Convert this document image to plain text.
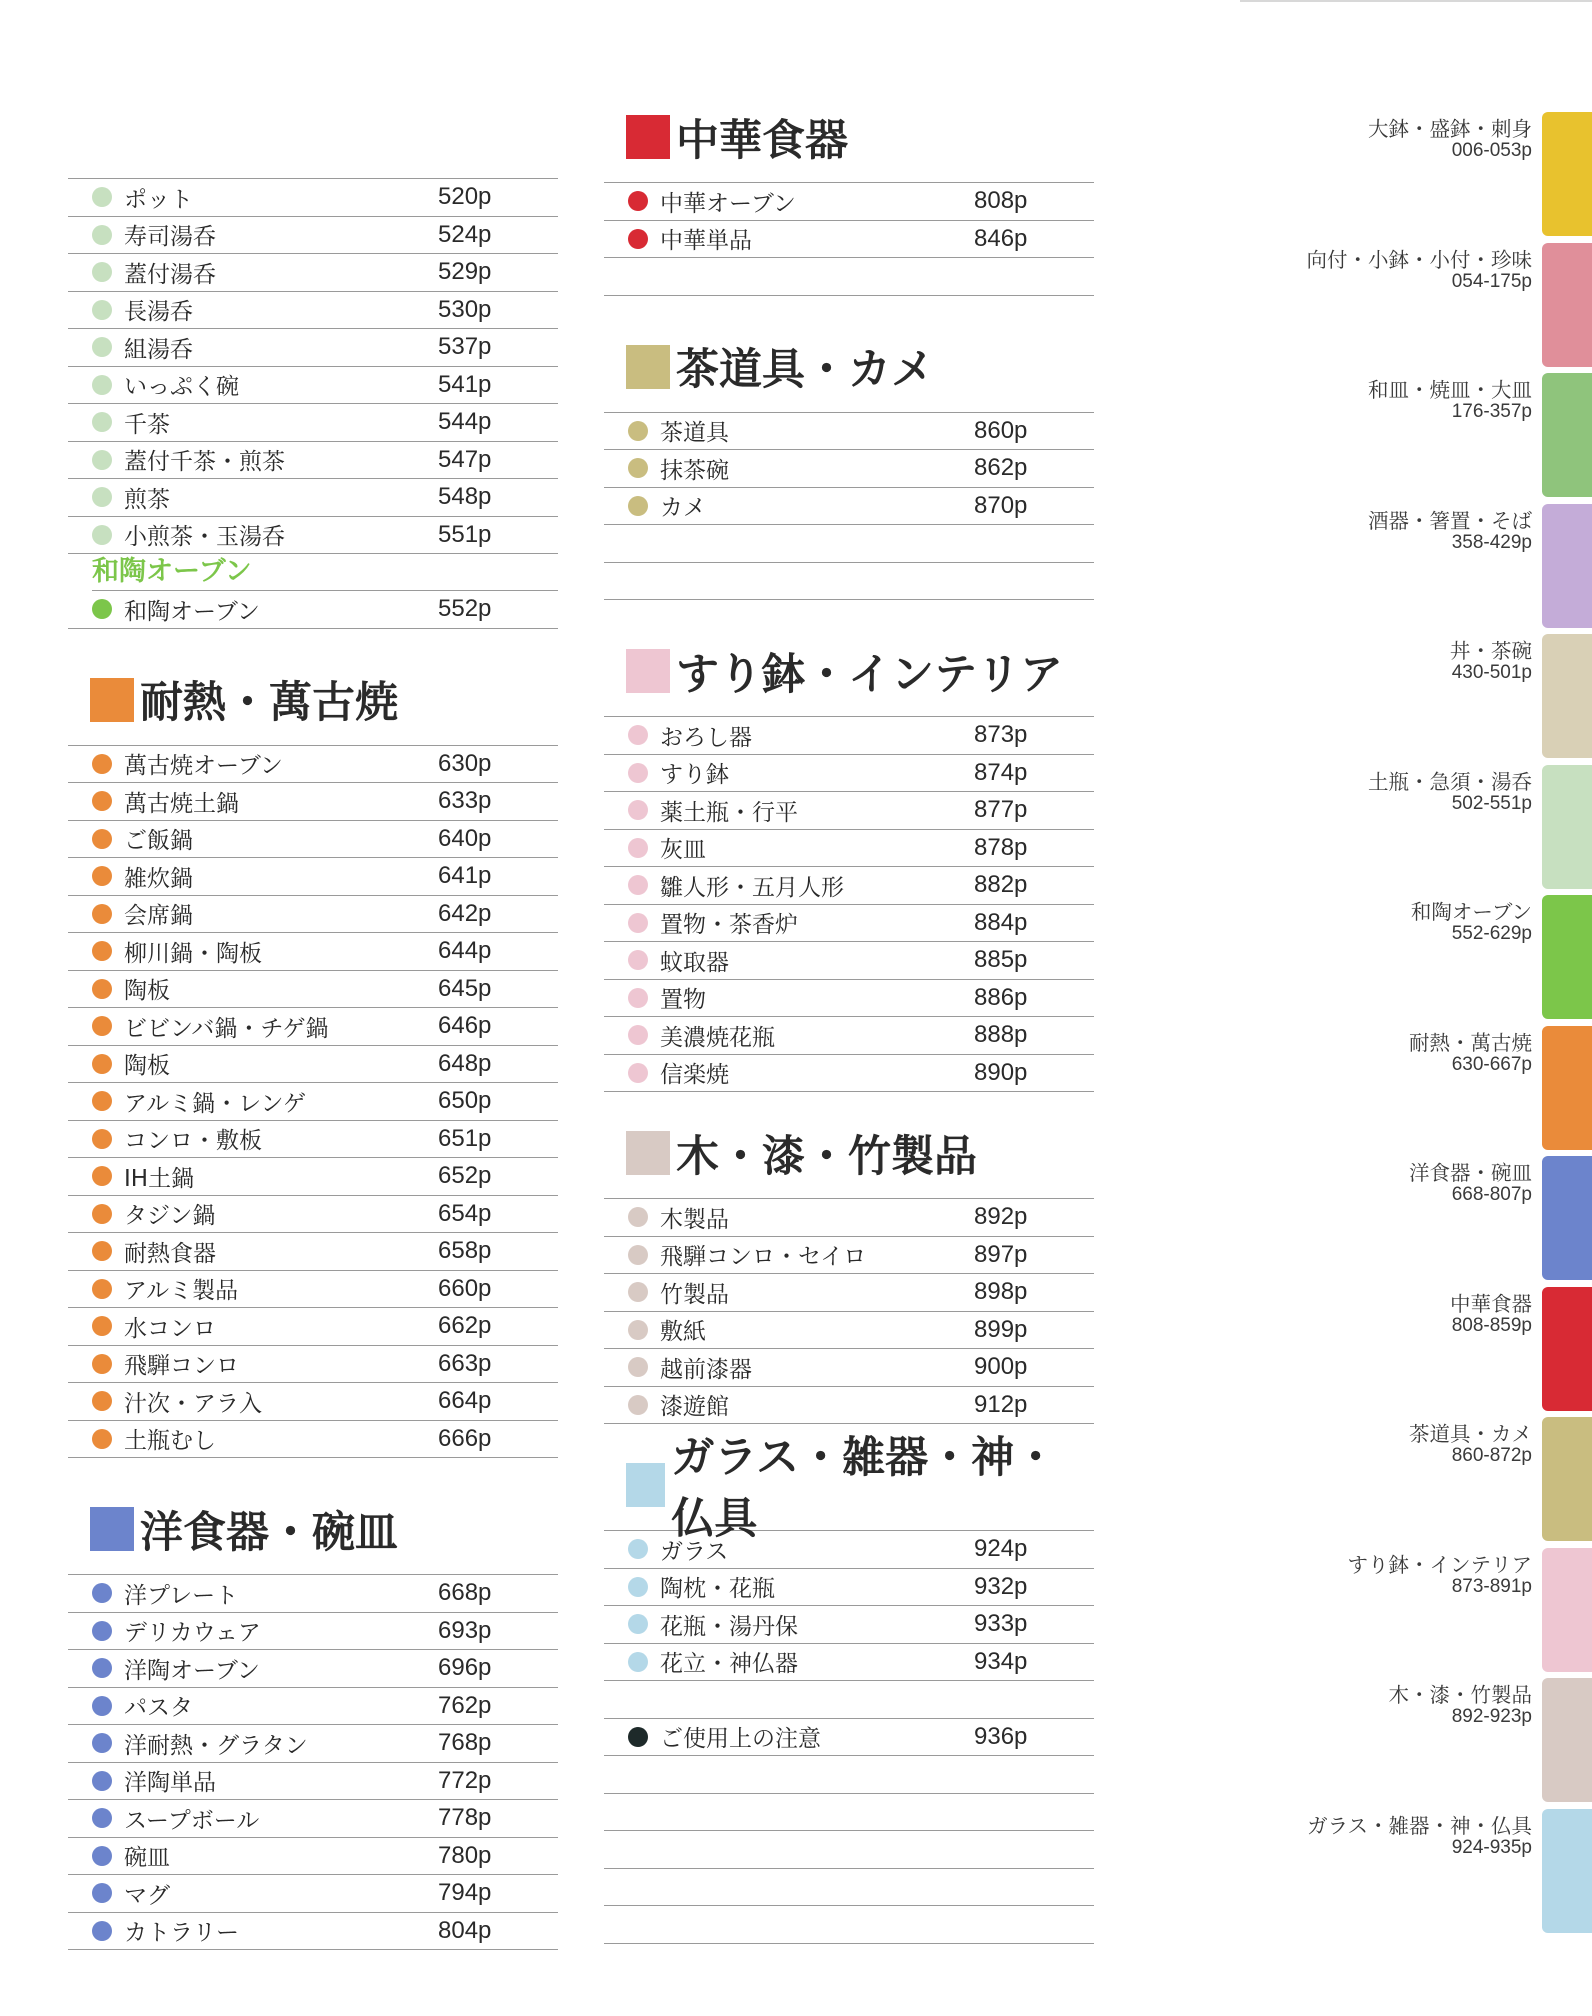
ポット	520p
寿司湯呑	524p
蓋付湯呑	529p
長湯呑	530p
組湯呑	537p
いっぷく碗	541p
千茶	544p
蓋付千茶・煎茶	547p
煎茶	548p
小煎茶・玉湯呑	551p
和陶オーブン
和陶オーブン	552p
耐熱・萬古焼
萬古焼オーブン	630p
萬古焼土鍋	633p
ご飯鍋	640p
雑炊鍋	641p
会席鍋	642p
柳川鍋・陶板	644p
陶板	645p
ビビンバ鍋・チゲ鍋	646p
陶板	648p
アルミ鍋・レンゲ	650p
コンロ・敷板	651p
IH土鍋	652p
タジン鍋	654p
耐熱食器	658p
アルミ製品	660p
水コンロ	662p
飛騨コンロ	663p
汁次・アラ入	664p
土瓶むし	666p
洋食器・碗皿
洋プレート	668p
デリカウェア	693p
洋陶オーブン	696p
パスタ	762p
洋耐熱・グラタン	768p
洋陶単品	772p
スープボール	778p
碗皿	780p
マグ	794p
カトラリー	804p
中華食器
中華オーブン	808p
中華単品	846p
茶道具・カメ
茶道具	860p
抹茶碗	862p
カメ	870p
すり鉢・インテリア
おろし器	873p
すり鉢	874p
薬土瓶・行平	877p
灰皿	878p
雛人形・五月人形	882p
置物・茶香炉	884p
蚊取器	885p
置物	886p
美濃焼花瓶	888p
信楽焼	890p
木・漆・竹製品
木製品	892p
飛騨コンロ・セイロ	897p
竹製品	898p
敷紙	899p
越前漆器	900p
漆遊館	912p
ガラス・雑器・神・仏具
ガラス	924p
陶枕・花瓶	932p
花瓶・湯丹保	933p
花立・神仏器	934p
ご使用上の注意	936p
大鉢・盛鉢・刺身
006-053p
向付・小鉢・小付・珍味
054-175p
和皿・焼皿・大皿
176-357p
酒器・箸置・そば
358-429p
丼・茶碗
430-501p
土瓶・急須・湯呑
502-551p
和陶オーブン
552-629p
耐熱・萬古焼
630-667p
洋食器・碗皿
668-807p
中華食器
808-859p
茶道具・カメ
860-872p
すり鉢・インテリア
873-891p
木・漆・竹製品
892-923p
ガラス・雑器・神・仏具
924-935p
